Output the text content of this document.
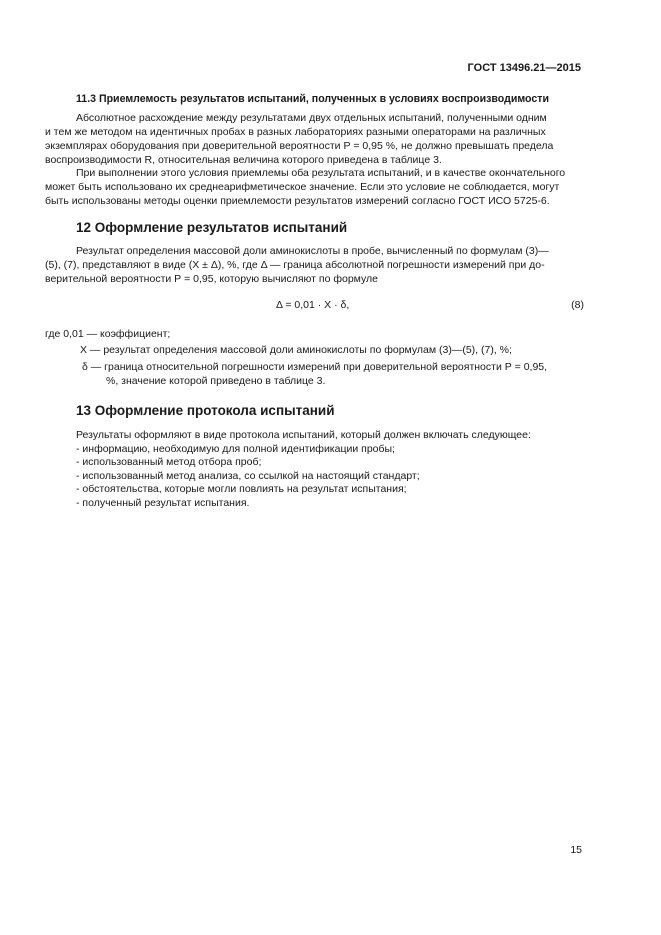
ГОСТ 13496.21—2015
11.3 Приемлемость результатов испытаний, полученных в условиях воспроизводимости
Абсолютное расхождение между результатами двух отдельных испытаний, полученными одним
и тем же методом на идентичных пробах в разных лабораториях разными операторами на различных
экземплярах оборудования при доверительной вероятности Р = 0,95 %, не должно превышать предела
воспроизводимости R, относительная величина которого приведена в таблице 3.
При выполнении этого условия приемлемы оба результата испытаний, и в качестве окончательного
может быть использовано их среднеарифметическое значение. Если это условие не соблюдается, могут
быть использованы методы оценки приемлемости результатов измерений согласно ГОСТ ИСО 5725-6.
12 Оформление результатов испытаний
Результат определения массовой доли аминокислоты в пробе, вычисленный по формулам (3)—
(5), (7), представляют в виде (X ± Δ), %, где Δ — граница абсолютной погрешности измерений при до-
верительной вероятности Р = 0,95, которую вычисляют по формуле
Δ = 0,01 · X · δ,	(8)
где 0,01 — коэффициент;
X — результат определения массовой доли аминокислоты по формулам (3)—(5), (7), %;
δ — граница относительной погрешности измерений при доверительной вероятности Р = 0,95,
%, значение которой приведено в таблице 3.
13 Оформление протокола испытаний
Результаты оформляют в виде протокола испытаний, который должен включать следующее:
- информацию, необходимую для полной идентификации пробы;
- использованный метод отбора проб;
- использованный метод анализа, со ссылкой на настоящий стандарт;
- обстоятельства, которые могли повлиять на результат испытания;
- полученный результат испытания.
15
